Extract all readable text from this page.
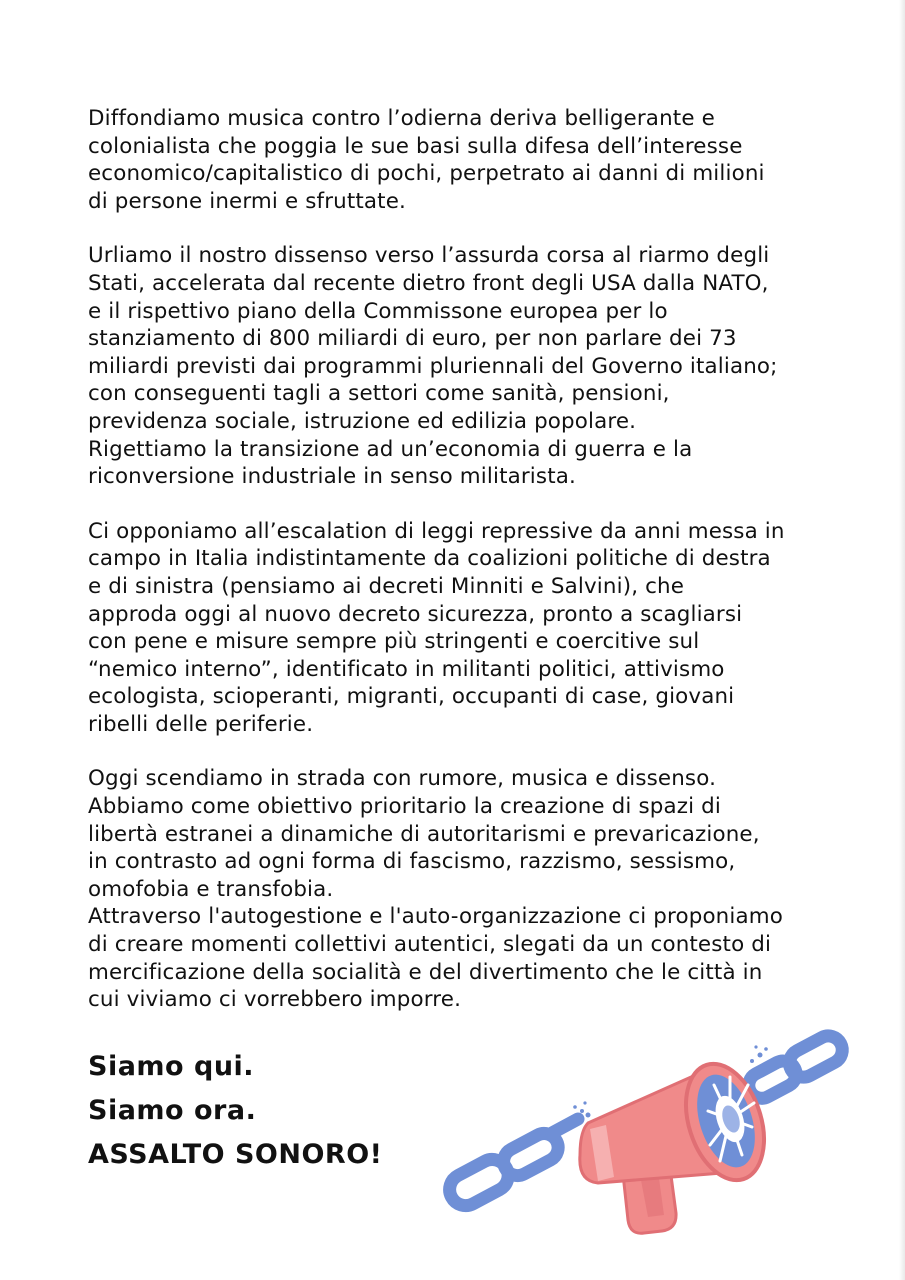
Diffondiamo musica contro l’odierna deriva belligerante e
colonialista che poggia le sue basi sulla difesa dell’interesse
economico/capitalistico di pochi, perpetrato ai danni di milioni
di persone inermi e sfruttate.

Urliamo il nostro dissenso verso l’assurda corsa al riarmo degli
Stati, accelerata dal recente dietro front degli USA dalla NATO,
e il rispettivo piano della Commissone europea per lo
stanziamento di 800 miliardi di euro, per non parlare dei 73
miliardi previsti dai programmi pluriennali del Governo italiano;
con conseguenti tagli a settori come sanità, pensioni,
previdenza sociale, istruzione ed edilizia popolare.
Rigettiamo la transizione ad un’economia di guerra e la
riconversione industriale in senso militarista.

Ci opponiamo all’escalation di leggi repressive da anni messa in
campo in Italia indistintamente da coalizioni politiche di destra
e di sinistra (pensiamo ai decreti Minniti e Salvini), che
approda oggi al nuovo decreto sicurezza, pronto a scagliarsi
con pene e misure sempre più stringenti e coercitive sul
“nemico interno”, identificato in militanti politici, attivismo
ecologista, scioperanti, migranti, occupanti di case, giovani
ribelli delle periferie.

Oggi scendiamo in strada con rumore, musica e dissenso.
Abbiamo come obiettivo prioritario la creazione di spazi di
libertà estranei a dinamiche di autoritarismi e prevaricazione,
in contrasto ad ogni forma di fascismo, razzismo, sessismo,
omofobia e transfobia.
Attraverso l'autogestione e l'auto-organizzazione ci proponiamo
di creare momenti collettivi autentici, slegati da un contesto di
mercificazione della socialità e del divertimento che le città in
cui viviamo ci vorrebbero imporre.

Siamo qui.
Siamo ora.
ASSALTO SONORO!
